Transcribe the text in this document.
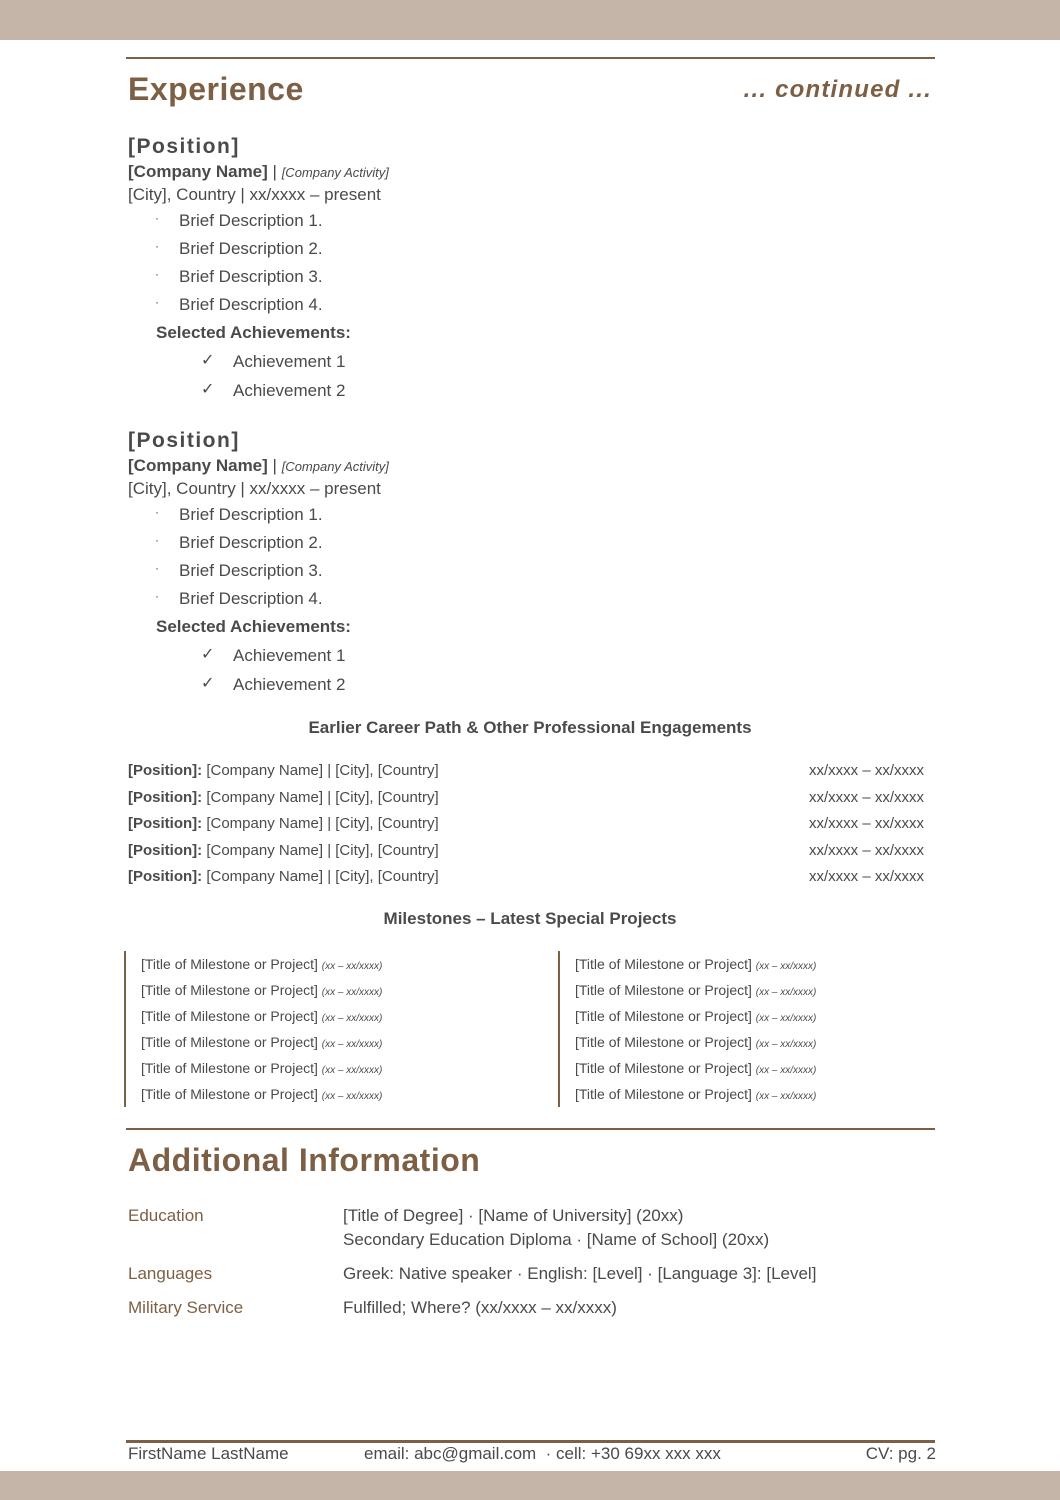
Experience	... continued ...
[Position]
[Company Name] | [Company Activity]
[City], Country | xx/xxxx – present
· Brief Description 1.
· Brief Description 2.
· Brief Description 3.
· Brief Description 4.
Selected Achievements:
✓ Achievement 1
✓ Achievement 2
[Position]
[Company Name] | [Company Activity]
[City], Country | xx/xxxx – present
· Brief Description 1.
· Brief Description 2.
· Brief Description 3.
· Brief Description 4.
Selected Achievements:
✓ Achievement 1
✓ Achievement 2
Earlier Career Path & Other Professional Engagements
[Position]: [Company Name] | [City], [Country]	xx/xxxx – xx/xxxx
[Position]: [Company Name] | [City], [Country]	xx/xxxx – xx/xxxx
[Position]: [Company Name] | [City], [Country]	xx/xxxx – xx/xxxx
[Position]: [Company Name] | [City], [Country]	xx/xxxx – xx/xxxx
[Position]: [Company Name] | [City], [Country]	xx/xxxx – xx/xxxx
Milestones – Latest Special Projects
[Title of Milestone or Project] (xx – xx/xxxx)
[Title of Milestone or Project] (xx – xx/xxxx)
[Title of Milestone or Project] (xx – xx/xxxx)
[Title of Milestone or Project] (xx – xx/xxxx)
[Title of Milestone or Project] (xx – xx/xxxx)
[Title of Milestone or Project] (xx – xx/xxxx)
[Title of Milestone or Project] (xx – xx/xxxx)
[Title of Milestone or Project] (xx – xx/xxxx)
[Title of Milestone or Project] (xx – xx/xxxx)
[Title of Milestone or Project] (xx – xx/xxxx)
[Title of Milestone or Project] (xx – xx/xxxx)
[Title of Milestone or Project] (xx – xx/xxxx)
Additional Information
Education	[Title of Degree] · [Name of University] (20xx)
Secondary Education Diploma · [Name of School] (20xx)
Languages	Greek: Native speaker · English: [Level] · [Language 3]: [Level]
Military Service	Fulfilled; Where? (xx/xxxx – xx/xxxx)
FirstName LastName	email: abc@gmail.com  · cell: +30 69xx xxx xxx	CV: pg. 2
